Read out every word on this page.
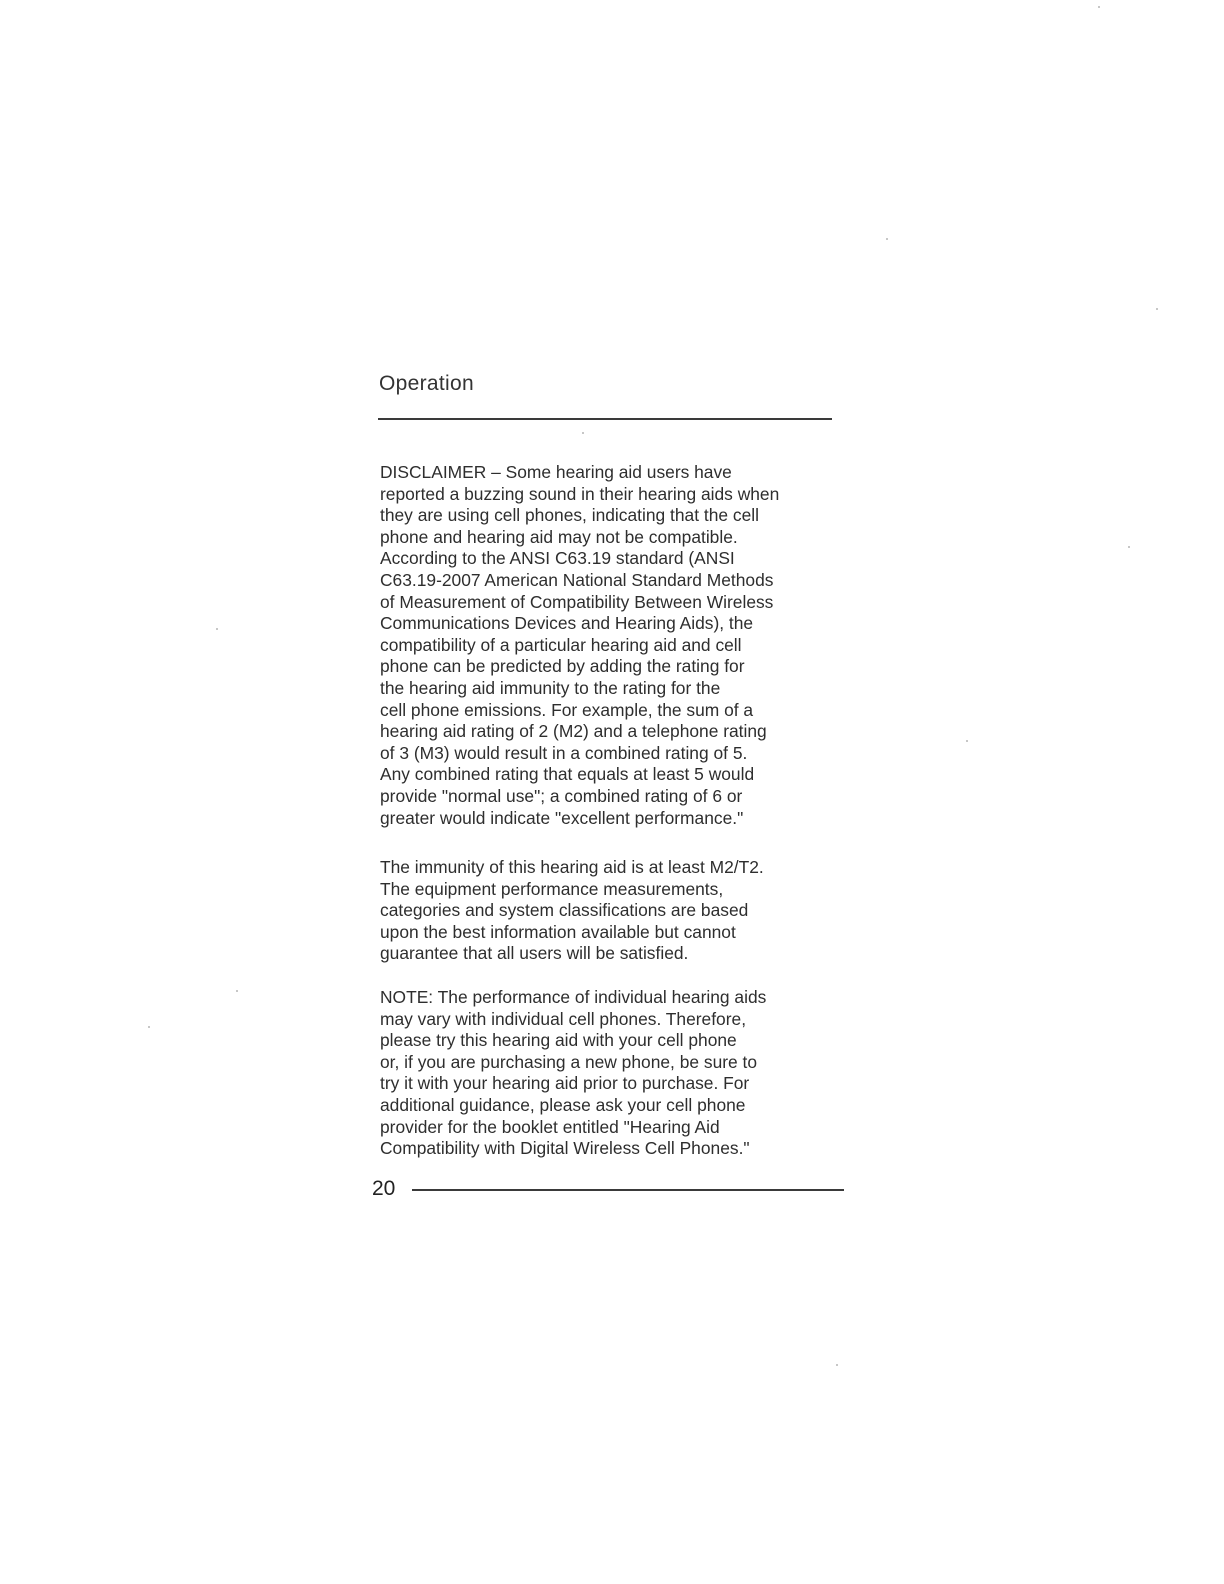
Operation

DISCLAIMER – Some hearing aid users have
reported a buzzing sound in their hearing aids when
they are using cell phones, indicating that the cell
phone and hearing aid may not be compatible.
According to the ANSI C63.19 standard (ANSI
C63.19-2007 American National Standard Methods
of Measurement of Compatibility Between Wireless
Communications Devices and Hearing Aids), the
compatibility of a particular hearing aid and cell
phone can be predicted by adding the rating for
the hearing aid immunity to the rating for the
cell phone emissions. For example, the sum of a
hearing aid rating of 2 (M2) and a telephone rating
of 3 (M3) would result in a combined rating of 5.
Any combined rating that equals at least 5 would
provide "normal use"; a combined rating of 6 or
greater would indicate "excellent performance."

The immunity of this hearing aid is at least M2/T2.
The equipment performance measurements,
categories and system classifications are based
upon the best information available but cannot
guarantee that all users will be satisfied.

NOTE: The performance of individual hearing aids
may vary with individual cell phones. Therefore,
please try this hearing aid with your cell phone
or, if you are purchasing a new phone, be sure to
try it with your hearing aid prior to purchase. For
additional guidance, please ask your cell phone
provider for the booklet entitled "Hearing Aid
Compatibility with Digital Wireless Cell Phones."

20
